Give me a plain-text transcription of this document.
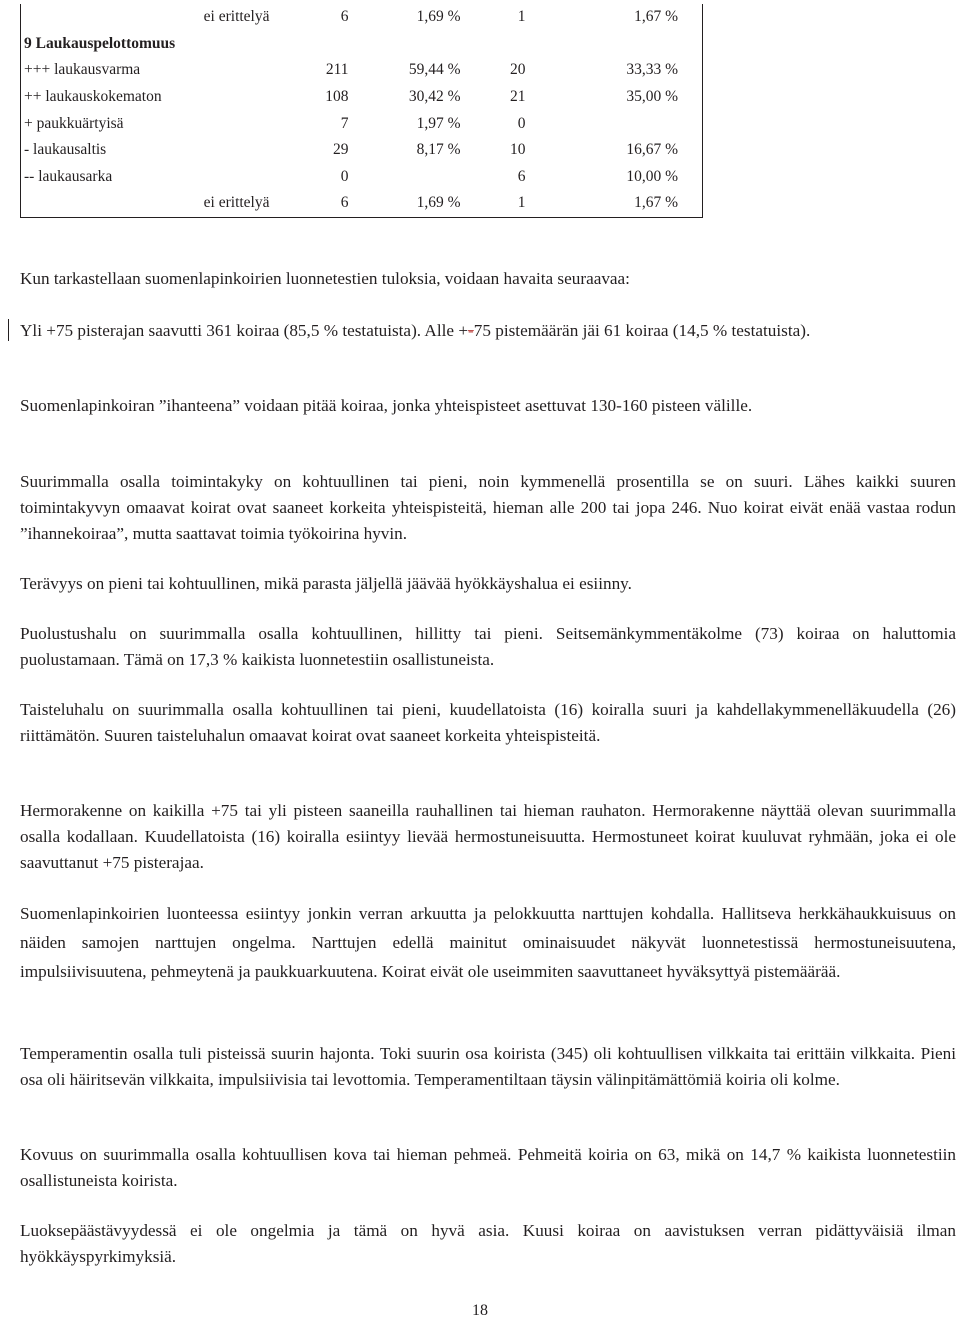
ei erittelyä	6	1,69 %	1	1,67 %
9 Laukauspelottomuus				
+++ laukausvarma	211	59,44 %	20	33,33 %
++ laukauskokematon	108	30,42 %	21	35,00 %
+ paukkuärtyisä	7	1,97 %	0	
- laukausaltis	29	8,17 %	10	16,67 %
-- laukausarka	0		6	10,00 %
ei erittelyä	6	1,69 %	1	1,67 %

Kun tarkastellaan suomenlapinkoirien luonnetestien tuloksia, voidaan havaita seuraavaa:

Yli +75 pisterajan saavutti 361 koiraa (85,5 % testatuista). Alle +-75 pistemäärän jäi 61 koiraa (14,5 % testatuista).

Suomenlapinkoiran ”ihanteena” voidaan pitää koiraa, jonka yhteispisteet asettuvat 130-160 pisteen välille.

Suurimmalla osalla toimintakyky on kohtuullinen tai pieni, noin kymmenellä prosentilla se on suuri. Lähes kaikki suuren toimintakyvyn omaavat koirat ovat saaneet korkeita yhteispisteitä, hieman alle 200 tai jopa 246. Nuo koirat eivät enää vastaa rodun ”ihannekoiraa”, mutta saattavat toimia työkoirina hyvin.

Terävyys on pieni tai kohtuullinen, mikä parasta jäljellä jäävää hyökkäyshalua ei esiinny.

Puolustushalu on suurimmalla osalla kohtuullinen, hillitty tai pieni. Seitsemänkymmentäkolme (73) koiraa on haluttomia puolustamaan. Tämä on 17,3 % kaikista luonnetestiin osallistuneista.

Taisteluhalu on suurimmalla osalla kohtuullinen tai pieni, kuudellatoista (16) koiralla suuri ja kahdellakymmenelläkuudella (26) riittämätön. Suuren taisteluhalun omaavat koirat ovat saaneet korkeita yhteispisteitä.

Hermorakenne on kaikilla +75 tai yli pisteen saaneilla rauhallinen tai hieman rauhaton. Hermorakenne näyttää olevan suurimmalla osalla kodallaan. Kuudellatoista (16) koiralla esiintyy lievää hermostuneisuutta. Hermostuneet koirat kuuluvat ryhmään, joka ei ole saavuttanut +75 pisterajaa.

Suomenlapinkoirien luonteessa esiintyy jonkin verran arkuutta ja pelokkuutta narttujen kohdalla. Hallitseva herkkähaukkuisuus on näiden samojen narttujen ongelma. Narttujen edellä mainitut ominaisuudet näkyvät luonnetestissä hermostuneisuutena, impulsiivisuutena, pehmeytenä ja paukkuarkuutena. Koirat eivät ole useimmiten saavuttaneet hyväksyttyä pistemäärää.

Temperamentin osalla tuli pisteissä suurin hajonta. Toki suurin osa koirista (345) oli kohtuullisen vilkkaita tai erittäin vilkkaita. Pieni osa oli häiritsevän vilkkaita, impulsiivisia tai levottomia. Temperamentiltaan täysin välinpitämättömiä koiria oli kolme.

Kovuus on suurimmalla osalla kohtuullisen kova tai hieman pehmeä. Pehmeitä koiria on 63, mikä on 14,7 % kaikista luonnetestiin osallistuneista koirista.

Luoksepäästävyydessä ei ole ongelmia ja tämä on hyvä asia. Kuusi koiraa on aavistuksen verran pidättyväisiä ilman hyökkäyspyrkimyksiä.

18
